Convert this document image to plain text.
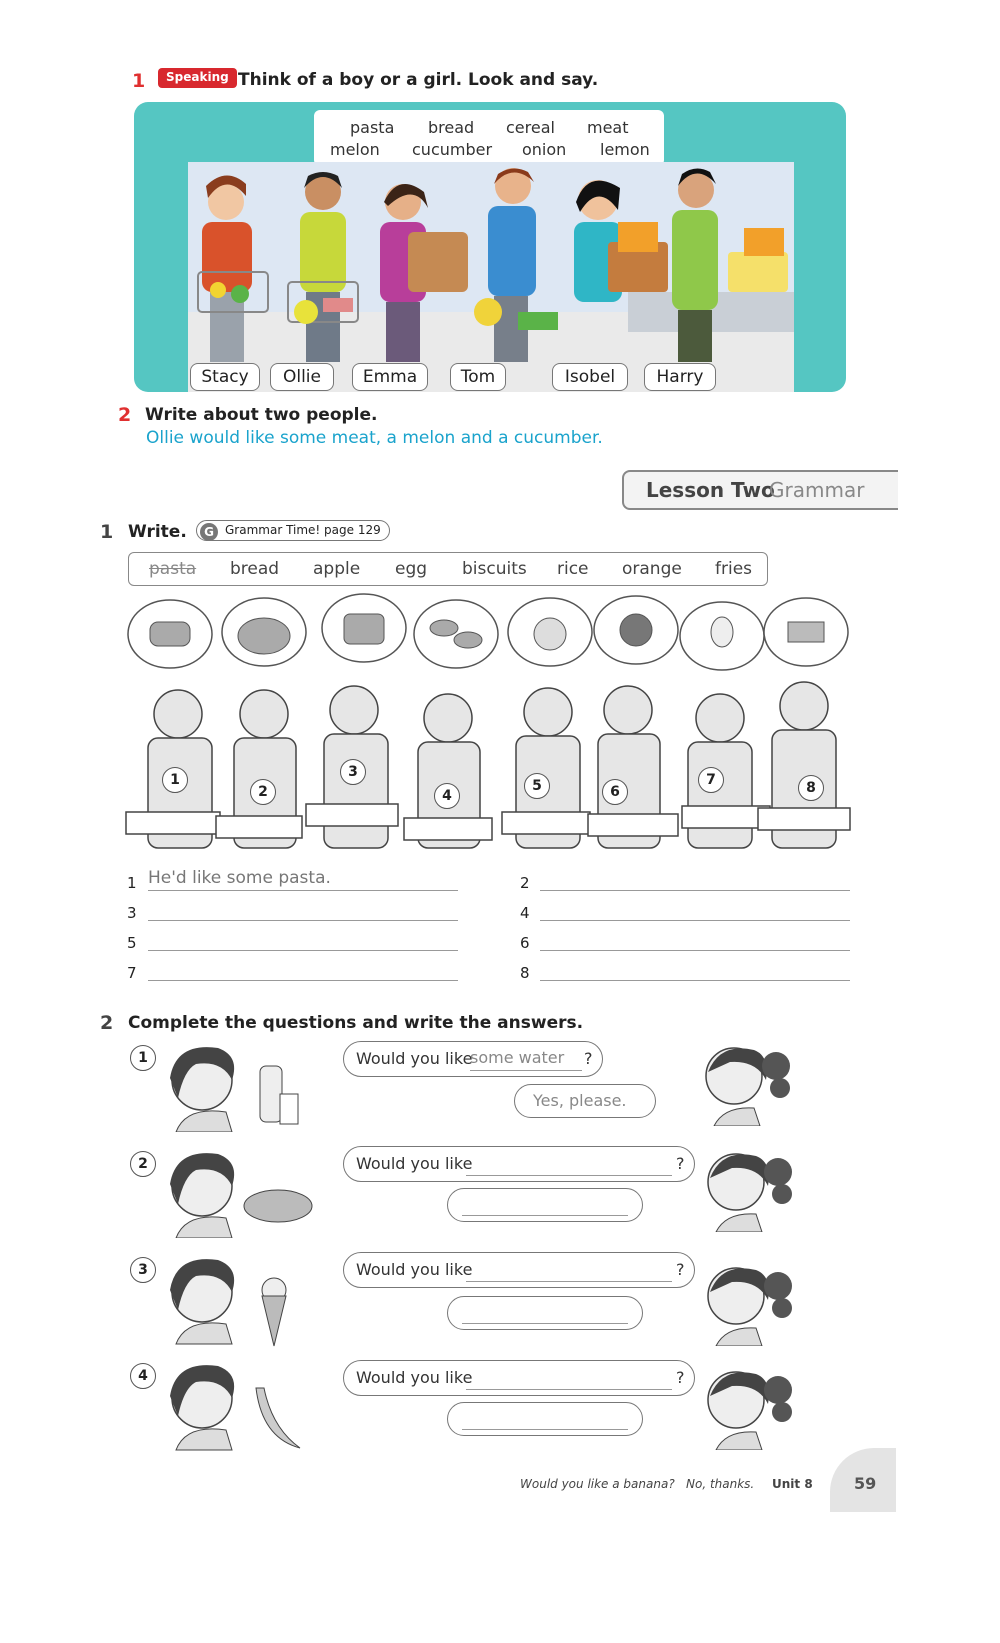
1	Speaking Think of a boy or a girl. Look and say.
pasta bread cereal meat
melon cucumber onion lemon
Stacy	Ollie	Emma	Tom	Isobel	Harry
2 Write about two people.
Ollie would like some meat, a melon and a cucumber.
Lesson Two
Grammar
1 Write.	G Grammar Time! page 129
pasta bread apple egg biscuits rice orange fries
1
2
3
4
5	6
7	8
1 He'd like some pasta.	2
3	4
5	6
7	8
2 Complete the questions and write the answers.
1	Would you like
some water	?
Yes, please.
2	Would you like	?
3	Would you like	?
4	Would you like	?
Would you like a banana? No, thanks. Unit 8	59
